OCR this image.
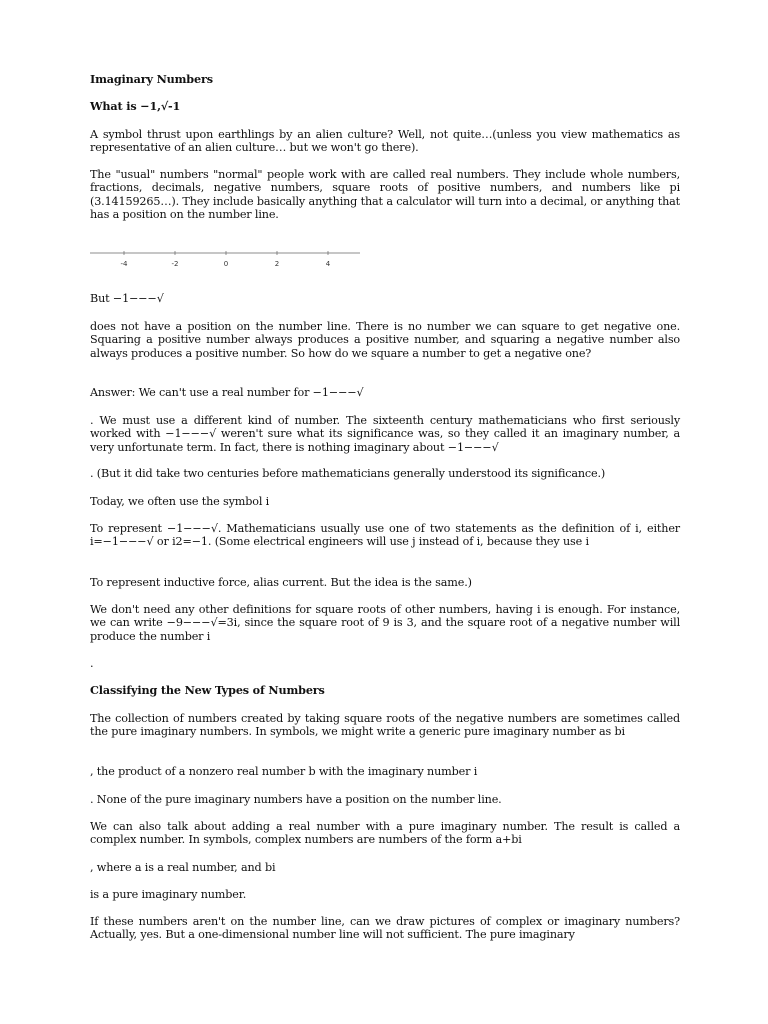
Imaginary Numbers

What is −1,√-1

A symbol thrust upon earthlings by an alien culture? Well, not quite…(unless you view mathematics as representative of an alien culture… but we won't go there).

The "usual" numbers "normal" people work with are called real numbers. They include whole numbers, fractions, decimals, negative numbers, square roots of positive numbers, and numbers like pi (3.14159265…). They include basically anything that a calculator will turn into a decimal, or anything that has a position on the number line.

-4	-2	0	2	4

But −1−−−√

does not have a position on the number line. There is no number we can square to get negative one. Squaring a positive number always produces a positive number, and squaring a negative number also always produces a positive number. So how do we square a number to get a negative one?

Answer: We can't use a real number for −1−−−√

. We must use a different kind of number. The sixteenth century mathematicians who first seriously worked with −1−−−√ weren't sure what its significance was, so they called it an imaginary number, a very unfortunate term. In fact, there is nothing imaginary about −1−−−√

. (But it did take two centuries before mathematicians generally understood its significance.)

Today, we often use the symbol i

To represent −1−−−√. Mathematicians usually use one of two statements as the definition of i, either i=−1−−−√ or i2=−1. (Some electrical engineers will use j instead of i, because they use i

To represent inductive force, alias current. But the idea is the same.)

We don't need any other definitions for square roots of other numbers, having i is enough. For instance, we can write −9−−−√=3i, since the square root of 9 is 3, and the square root of a negative number will produce the number i

.

Classifying the New Types of Numbers

The collection of numbers created by taking square roots of the negative numbers are sometimes called the pure imaginary numbers. In symbols, we might write a generic pure imaginary number as bi

, the product of a nonzero real number b with the imaginary number i

. None of the pure imaginary numbers have a position on the number line.

We can also talk about adding a real number with a pure imaginary number. The result is called a complex number. In symbols, complex numbers are numbers of the form a+bi

, where a is a real number, and bi

is a pure imaginary number.

If these numbers aren't on the number line, can we draw pictures of complex or imaginary numbers? Actually, yes. But a one-dimensional number line will not sufficient. The pure imaginary
